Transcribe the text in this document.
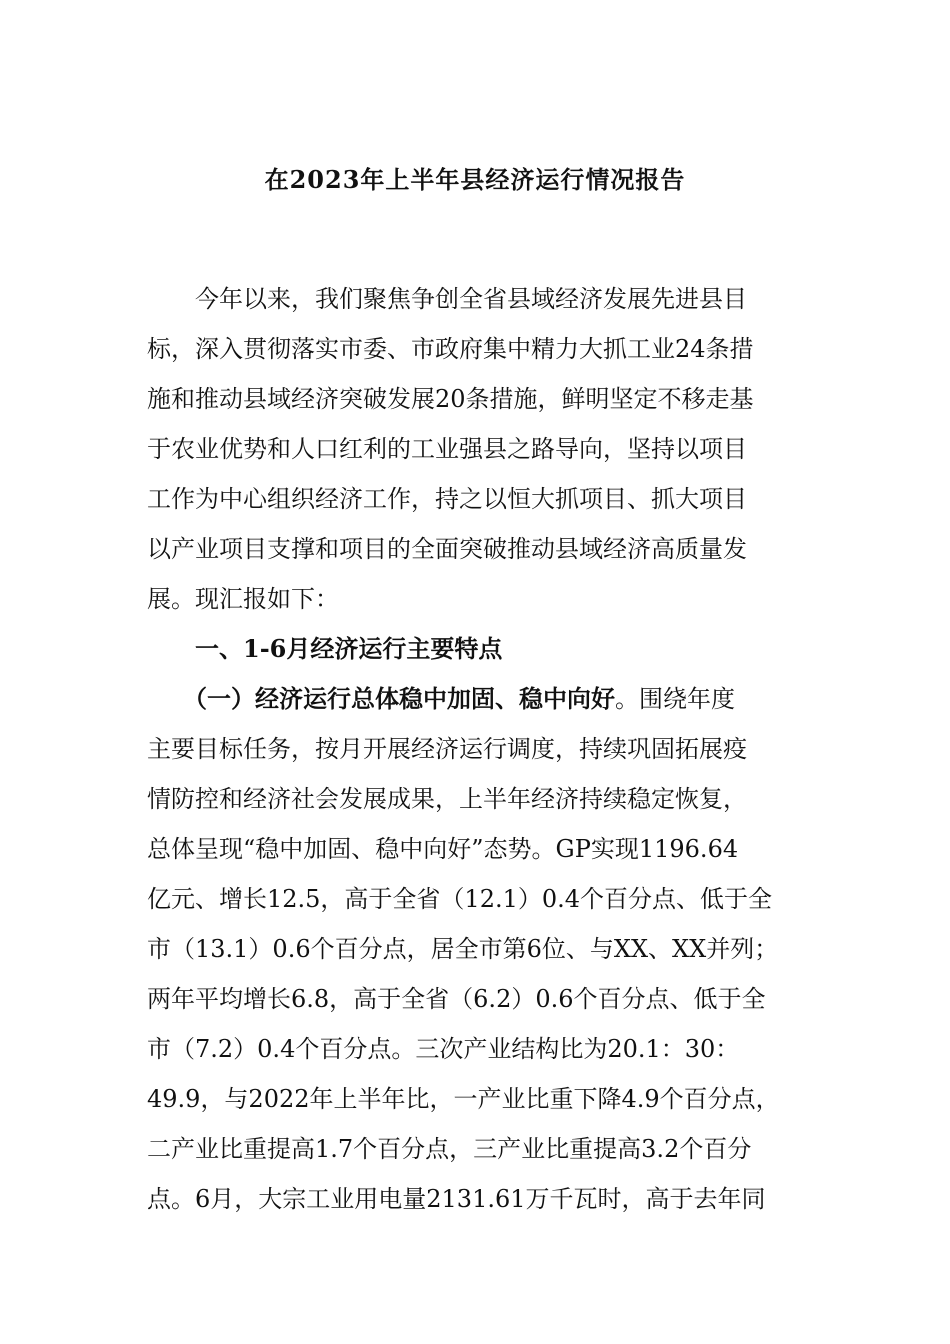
在2023年上半年县经济运行情况报告

今年以来，我们聚焦争创全省县域经济发展先进县目

标，深入贯彻落实市委、市政府集中精力大抓工业24条措

施和推动县域经济突破发展20条措施，鲜明坚定不移走基

于农业优势和人口红利的工业强县之路导向，坚持以项目

工作为中心组织经济工作，持之以恒大抓项目、抓大项目

以产业项目支撑和项目的全面突破推动县域经济高质量发

展。现汇报如下：

一、1-6月经济运行主要特点

（一）经济运行总体稳中加固、稳中向好。围绕年度

主要目标任务，按月开展经济运行调度，持续巩固拓展疫

情防控和经济社会发展成果，上半年经济持续稳定恢复，

总体呈现“稳中加固、稳中向好”态势。GP实现1196.64

亿元、增长12.5，高于全省（12.1）0.4个百分点、低于全

市（13.1）0.6个百分点，居全市第6位、与XX、XX并列；

两年平均增长6.8，高于全省（6.2）0.6个百分点、低于全

市（7.2）0.4个百分点。三次产业结构比为20.1：30：

49.9，与2022年上半年比，一产业比重下降4.9个百分点，

二产业比重提高1.7个百分点，三产业比重提高3.2个百分

点。6月，大宗工业用电量2131.61万千瓦时，高于去年同
